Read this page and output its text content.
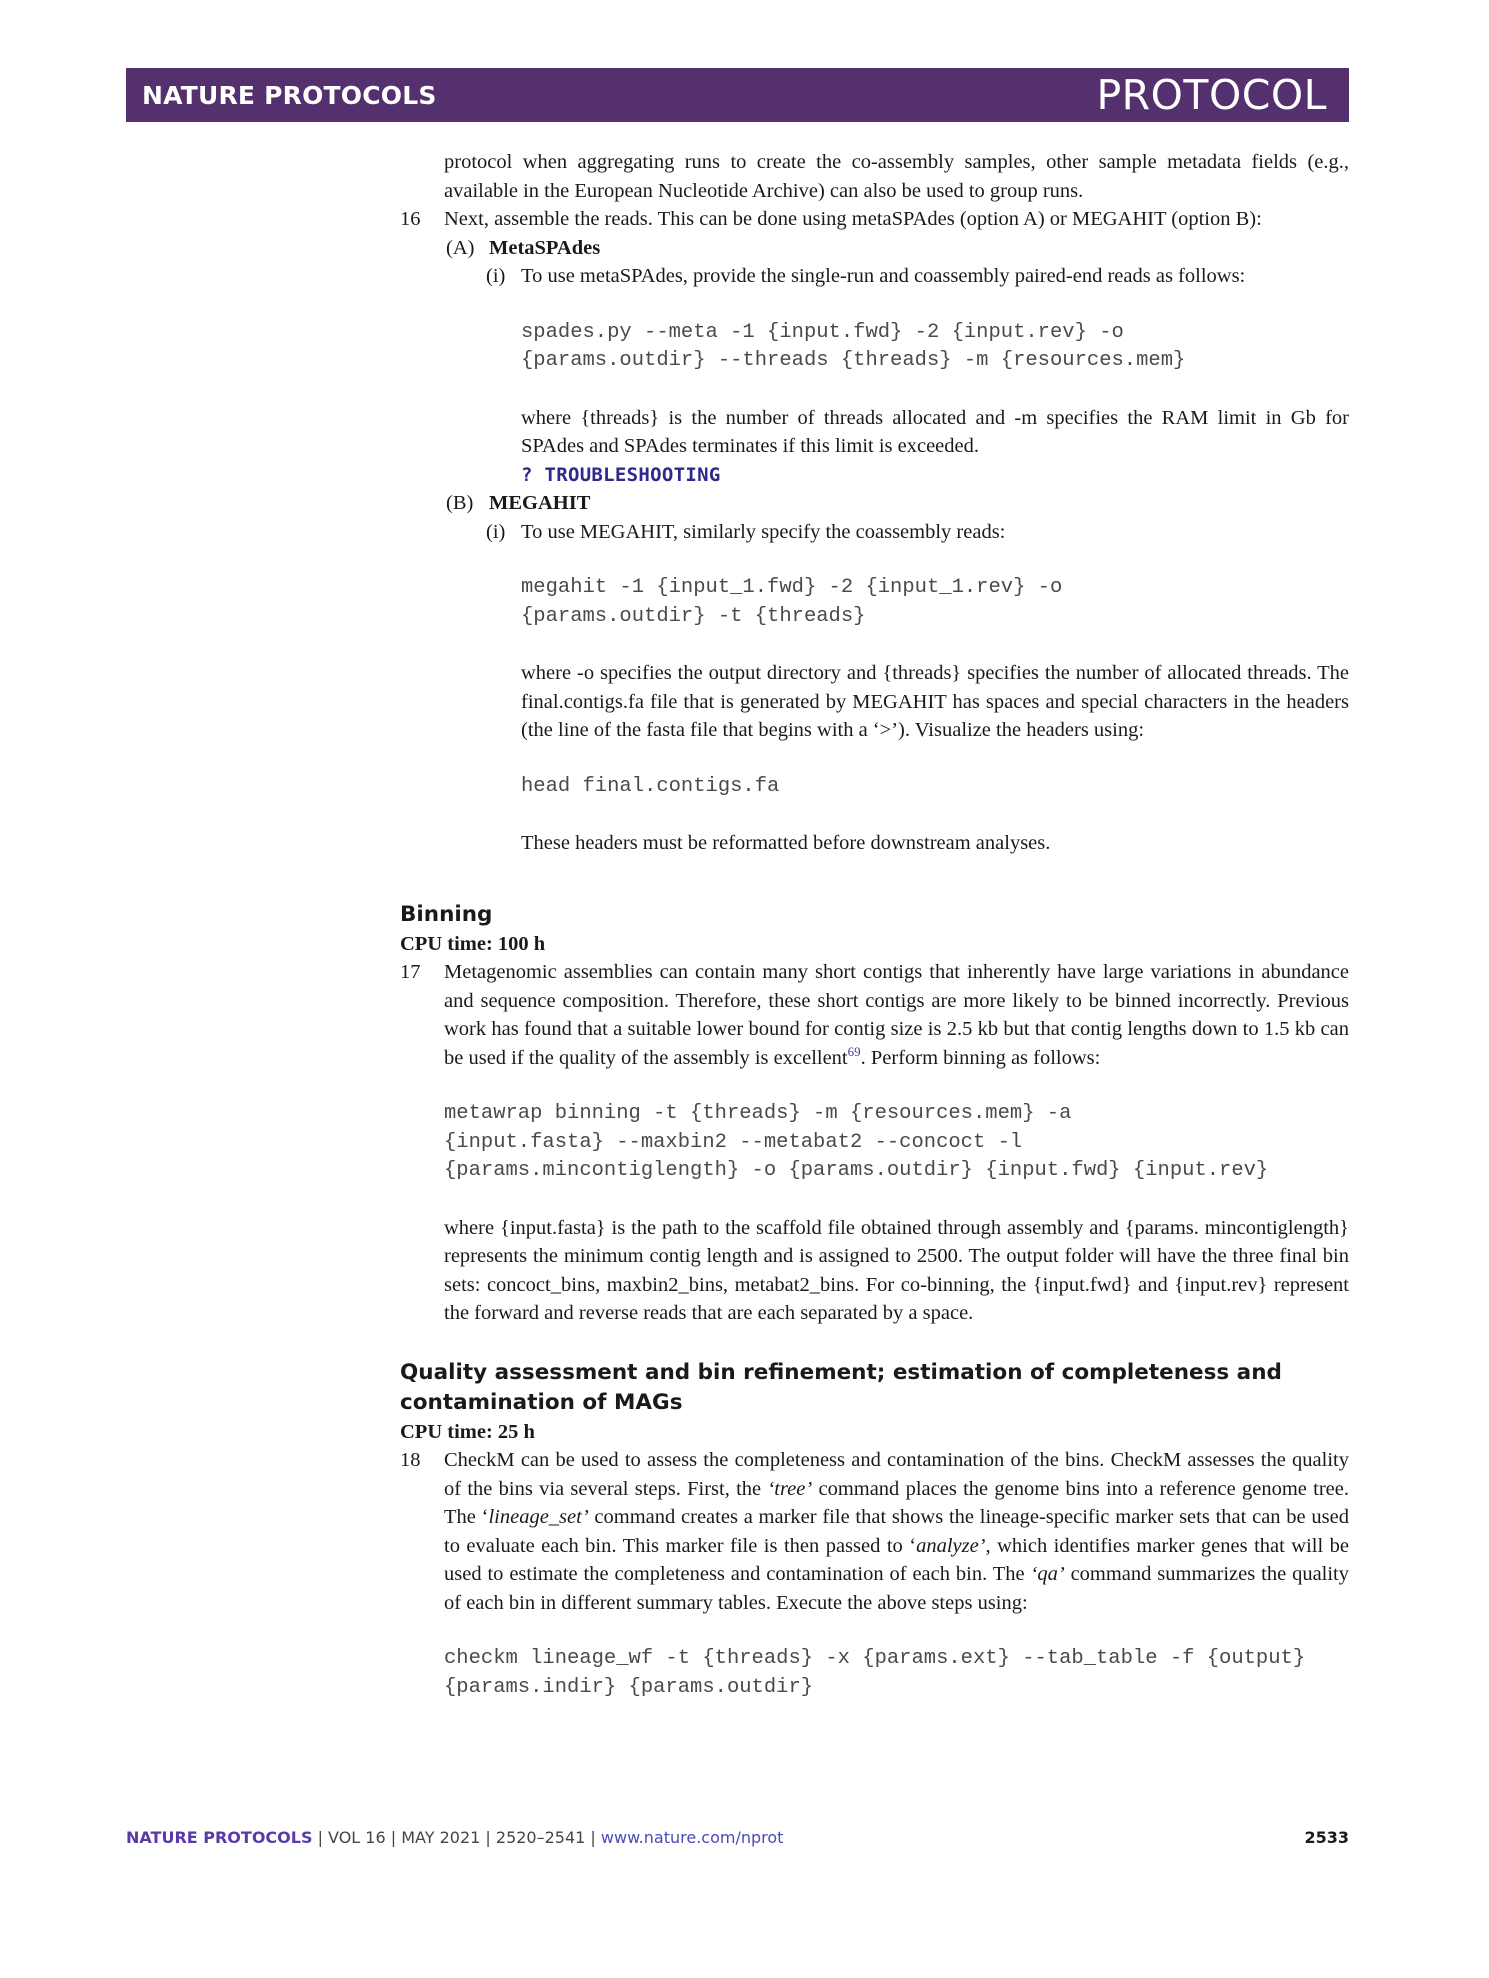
NATURE PROTOCOLS	PROTOCOL

protocol when aggregating runs to create the co-assembly samples, other sample metadata fields (e.g., available in the European Nucleotide Archive) can also be used to group runs.

16 Next, assemble the reads. This can be done using metaSPAdes (option A) or MEGAHIT (option B):
(A) MetaSPAdes
(i) To use metaSPAdes, provide the single-run and coassembly paired-end reads as follows:
spades.py --meta -1 {input.fwd} -2 {input.rev} -o
{params.outdir} --threads {threads} -m {resources.mem}

where {threads} is the number of threads allocated and -m specifies the RAM limit in Gb for SPAdes and SPAdes terminates if this limit is exceeded.

? TROUBLESHOOTING
(B) MEGAHIT
(i) To use MEGAHIT, similarly specify the coassembly reads:
megahit -1 {input_1.fwd} -2 {input_1.rev} -o
{params.outdir} -t {threads}

where -o specifies the output directory and {threads} specifies the number of allocated threads. The final.contigs.fa file that is generated by MEGAHIT has spaces and special characters in the headers (the line of the fasta file that begins with a ‘>’). Visualize the headers using:

head final.contigs.fa

These headers must be reformatted before downstream analyses.

Binning

CPU time: 100 h

17 Metagenomic assemblies can contain many short contigs that inherently have large variations in abundance and sequence composition. Therefore, these short contigs are more likely to be binned incorrectly. Previous work has found that a suitable lower bound for contig size is 2.5 kb but that contig lengths down to 1.5 kb can be used if the quality of the assembly is excellent$^{69}$. Perform binning as follows:
metawrap binning -t {threads} -m {resources.mem} -a
{input.fasta} --maxbin2 --metabat2 --concoct -l
{params.mincontiglength} -o {params.outdir} {input.fwd} {input.rev}

where {input.fasta} is the path to the scaffold file obtained through assembly and {params. mincontiglength} represents the minimum contig length and is assigned to 2500. The output folder will have the three final bin sets: concoct_bins, maxbin2_bins, metabat2_bins. For co-binning, the {input.fwd} and {input.rev} represent the forward and reverse reads that are each separated by a space.

Quality assessment and bin refinement; estimation of completeness and contamination of MAGs

CPU time: 25 h

18 CheckM can be used to assess the completeness and contamination of the bins. CheckM assesses the quality of the bins via several steps. First, the ‘tree’ command places the genome bins into a reference genome tree. The ‘lineage_set’ command creates a marker file that shows the lineage-specific marker sets that can be used to evaluate each bin. This marker file is then passed to ‘analyze’, which identifies marker genes that will be used to estimate the completeness and contamination of each bin. The ‘qa’ command summarizes the quality of each bin in different summary tables. Execute the above steps using:
checkm lineage_wf -t {threads} -x {params.ext} --tab_table -f {output}
{params.indir} {params.outdir}
NATURE PROTOCOLS | VOL 16 | MAY 2021 | 2520–2541 | www.nature.com/nprot	2533
